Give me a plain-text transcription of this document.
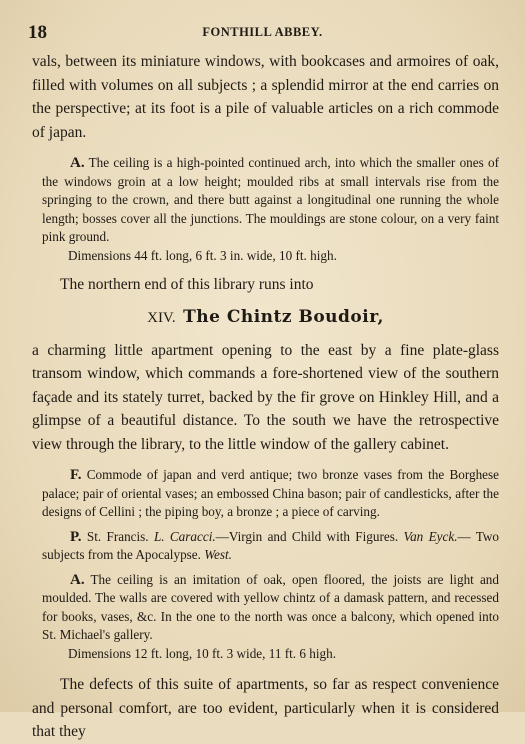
18	FONTHILL ABBEY.

vals, between its miniature windows, with bookcases and armoires of oak, filled with volumes on all subjects ; a splendid mirror at the end carries on the perspective; at its foot is a pile of valuable articles on a rich commode of japan.

A. The ceiling is a high-pointed continued arch, into which the smaller ones of the windows groin at a low height; moulded ribs at small intervals rise from the springing to the crown, and there butt against a longitudinal one running the whole length; bosses cover all the junctions. The mouldings are stone colour, on a very faint pink ground.
Dimensions 44 ft. long, 6 ft. 3 in. wide, 10 ft. high.

The northern end of this library runs into

XIV. The Chintz Boudoir,

a charming little apartment opening to the east by a fine plate-glass transom window, which commands a fore-shortened view of the southern façade and its stately turret, backed by the fir grove on Hinkley Hill, and a glimpse of a beautiful distance. To the south we have the retrospective view through the library, to the little window of the gallery cabinet.

F. Commode of japan and verd antique; two bronze vases from the Borghese palace; pair of oriental vases; an embossed China bason; pair of candlesticks, after the designs of Cellini ; the piping boy, a bronze ; a piece of carving.
P. St. Francis. L. Caracci.—Virgin and Child with Figures. Van Eyck.— Two subjects from the Apocalypse. West.
A. The ceiling is an imitation of oak, open floored, the joists are light and moulded. The walls are covered with yellow chintz of a damask pattern, and recessed for books, vases, &c. In the one to the north was once a balcony, which opened into St. Michael's gallery.
Dimensions 12 ft. long, 10 ft. 3 wide, 11 ft. 6 high.

The defects of this suite of apartments, so far as respect convenience and personal comfort, are too evident, particularly when it is considered that they
